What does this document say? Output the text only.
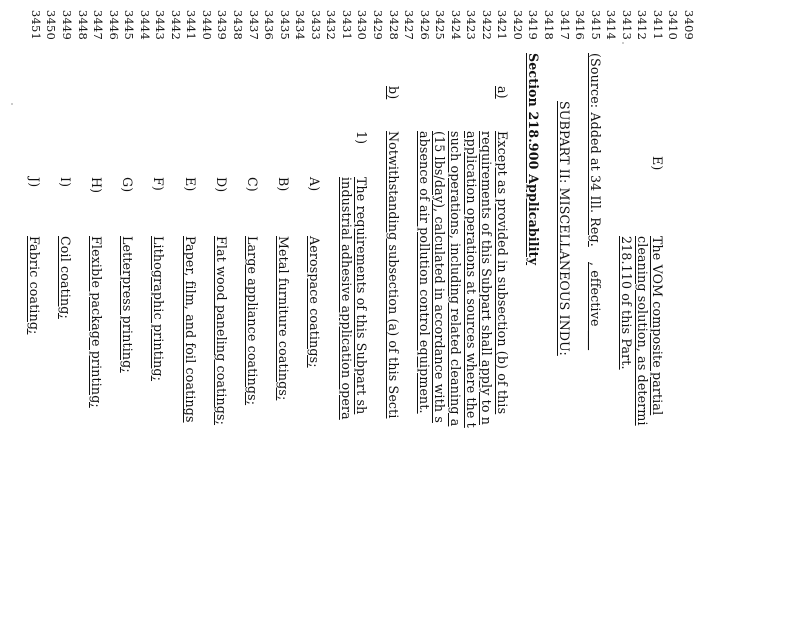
3409
3410
3411
3412
3413
3414
3415
3416
3417
3418
3419
3420
3421
3422
3423
3424
3425
3426
3427
3428
3429
3430
3431
3432
3433
3434
3435
3436
3437
3438
3439
3440
3441
3442
3443
3444
3445
3446
3447
3448
3449
3450
3451
E)
The VOM composite partial
cleaning solution, as determi
218.110 of this Part.
(Source: Added at 34 Ill. Reg.
, effective ___
SUBPART II: MISCELLANEOUS INDU:
Section 218.900 Applicability
a)
Except as provided in subsection (b) of this
requirements of this Subpart shall apply to n
application operations at sources where the t
such operations, including related cleaning a
(15 lbs/day), calculated in accordance with s
absence of air pollution control equipment.
b)
Notwithstanding subsection (a) of this Secti
1)
The requirements of this Subpart sh
industrial adhesive application opera
A)
Aerospace coatings;
B)
Metal furniture coatings;
C)
Large appliance coatings;
D)
Flat wood paneling coatings;
E)
Paper, film, and foil coatings
F)
Lithographic printing;
G)
Letterpress printing;
H)
Flexible package printing;
I)
Coil coating;
J)
Fabric coating;
